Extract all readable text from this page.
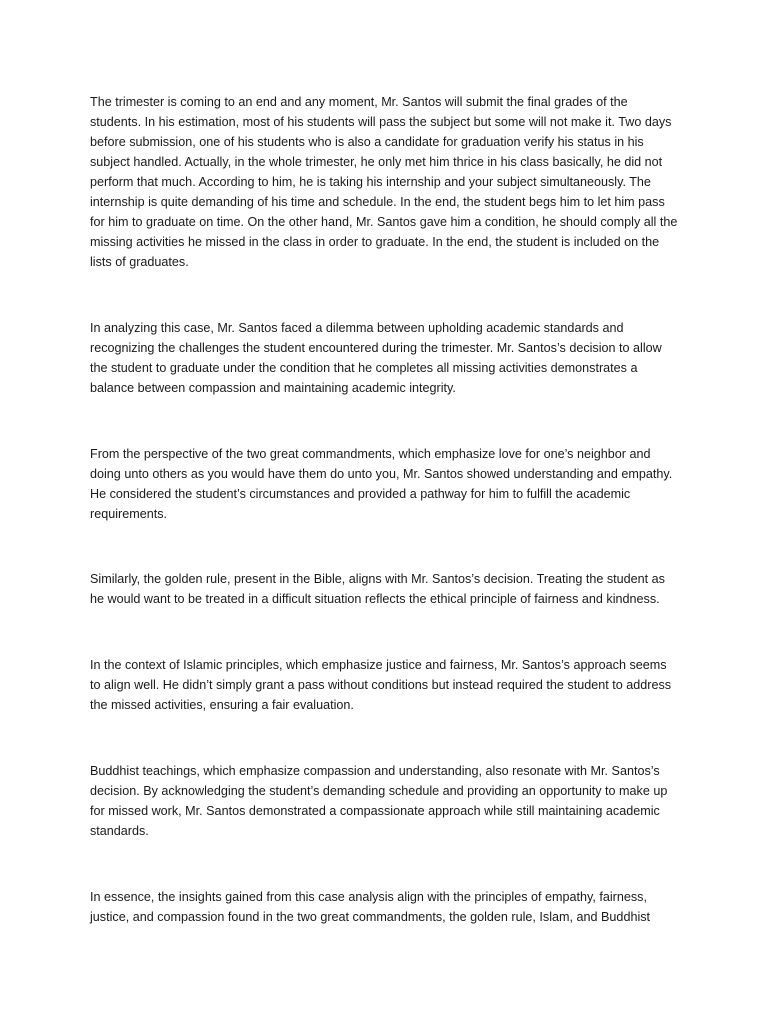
The trimester is coming to an end and any moment, Mr. Santos will submit the final grades of the students. In his estimation, most of his students will pass the subject but some will not make it. Two days before submission, one of his students who is also a candidate for graduation verify his status in his subject handled. Actually, in the whole trimester, he only met him thrice in his class basically, he did not perform that much. According to him, he is taking his internship and your subject simultaneously. The internship is quite demanding of his time and schedule. In the end, the student begs him to let him pass for him to graduate on time. On the other hand, Mr. Santos gave him a condition, he should comply all the missing activities he missed in the class in order to graduate. In the end, the student is included on the lists of graduates.

In analyzing this case, Mr. Santos faced a dilemma between upholding academic standards and recognizing the challenges the student encountered during the trimester. Mr. Santos’s decision to allow the student to graduate under the condition that he completes all missing activities demonstrates a balance between compassion and maintaining academic integrity.

From the perspective of the two great commandments, which emphasize love for one’s neighbor and doing unto others as you would have them do unto you, Mr. Santos showed understanding and empathy. He considered the student’s circumstances and provided a pathway for him to fulfill the academic requirements.

Similarly, the golden rule, present in the Bible, aligns with Mr. Santos’s decision. Treating the student as he would want to be treated in a difficult situation reflects the ethical principle of fairness and kindness.

In the context of Islamic principles, which emphasize justice and fairness, Mr. Santos’s approach seems to align well. He didn’t simply grant a pass without conditions but instead required the student to address the missed activities, ensuring a fair evaluation.

Buddhist teachings, which emphasize compassion and understanding, also resonate with Mr. Santos’s decision. By acknowledging the student’s demanding schedule and providing an opportunity to make up for missed work, Mr. Santos demonstrated a compassionate approach while still maintaining academic standards.

In essence, the insights gained from this case analysis align with the principles of empathy, fairness, justice, and compassion found in the two great commandments, the golden rule, Islam, and Buddhist
